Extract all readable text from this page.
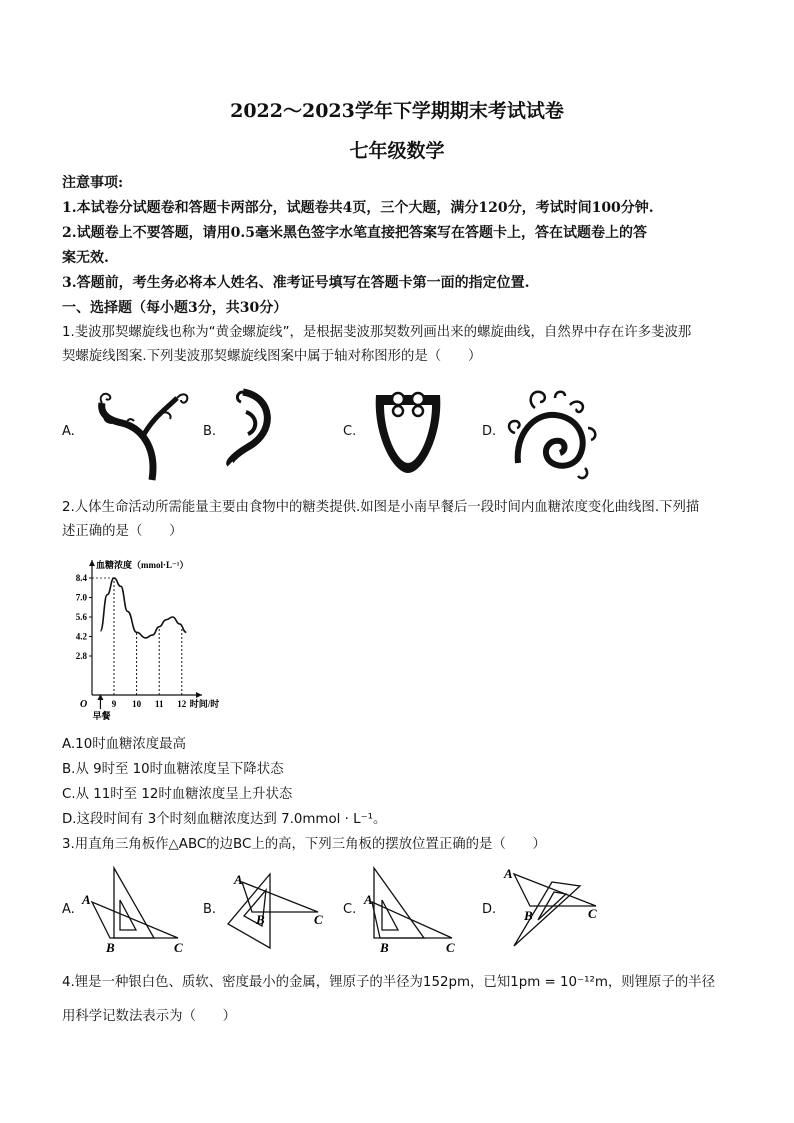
2022～2023学年下学期期末考试试卷
七年级数学
注意事项:
1.本试卷分试题卷和答题卡两部分，试题卷共4页，三个大题，满分120分，考试时间100分钟.
2.试题卷上不要答题，请用0.5毫米黑色签字水笔直接把答案写在答题卡上，答在试题卷上的答
案无效.
3.答题前，考生务必将本人姓名、准考证号填写在答题卡第一面的指定位置.
一、选择题（每小题3分，共30分）
1.斐波那契螺旋线也称为“黄金螺旋线”，是根据斐波那契数列画出来的螺旋曲线，自然界中存在许多斐波那
契螺旋线图案.下列斐波那契螺旋线图案中属于轴对称图形的是（　　）
A.	B.	C.	D.
2.人体生命活动所需能量主要由食物中的糖类提供.如图是小南早餐后一段时间内血糖浓度变化曲线图.下列描
述正确的是（　　）
血糖浓度（mmol·L⁻¹）
8.4
7.0
5.6
4.2
2.8
O	9 10 11 12 时间/时
早餐
A.10时血糖浓度最高
B.从 9时至 10时血糖浓度呈下降状态
C.从 11时至 12时血糖浓度呈上升状态
D.这段时间有 3个时刻血糖浓度达到 7.0mmol · L⁻¹。
3.用直角三角板作△ABC的边BC上的高，下列三角板的摆放位置正确的是（　　）
A.
A
B	C
B.
A
B	C
C.
A
B	C
D.
A
B	C
4.锂是一种银白色、质软、密度最小的金属，锂原子的半径为152pm，已知1pm = 10⁻¹²m，则锂原子的半径
用科学记数法表示为（　　）
